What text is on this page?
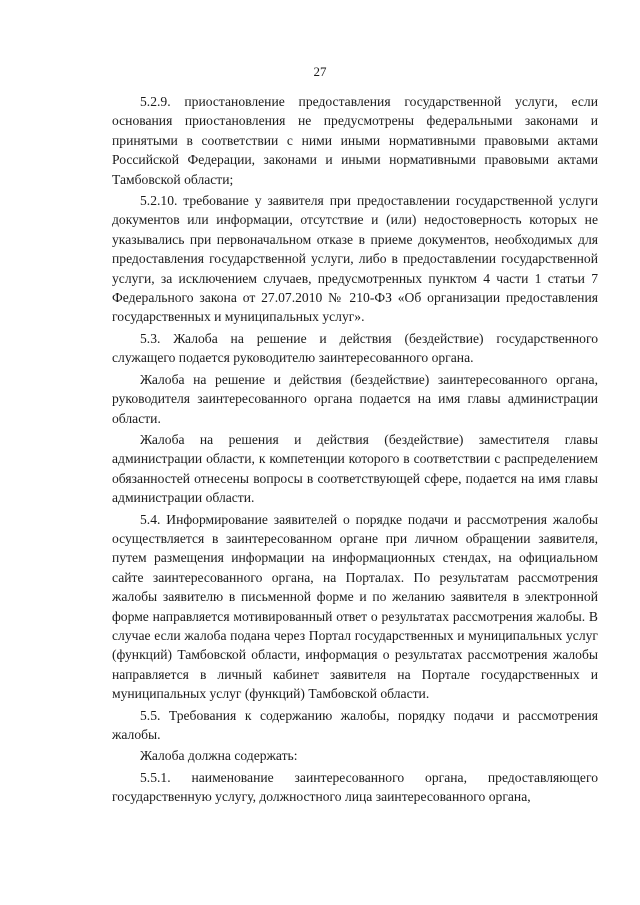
27

5.2.9. приостановление предоставления государственной услуги, если основания приостановления не предусмотрены федеральными законами и принятыми в соответствии с ними иными нормативными правовыми актами Российской Федерации, законами и иными нормативными правовыми актами Тамбовской области;

5.2.10. требование у заявителя при предоставлении государственной услуги документов или информации, отсутствие и (или) недостоверность которых не указывались при первоначальном отказе в приеме документов, необходимых для предоставления государственной услуги, либо в предоставлении государственной услуги, за исключением случаев, предусмотренных пунктом 4 части 1 статьи 7 Федерального закона от 27.07.2010 № 210-ФЗ «Об организации предоставления государственных и муниципальных услуг».

5.3. Жалоба на решение и действия (бездействие) государственного служащего подается руководителю заинтересованного органа.

Жалоба на решение и действия (бездействие) заинтересованного органа, руководителя заинтересованного органа подается на имя главы администрации области.

Жалоба на решения и действия (бездействие) заместителя главы администрации области, к компетенции которого в соответствии с распределением обязанностей отнесены вопросы в соответствующей сфере, подается на имя главы администрации области.

5.4. Информирование заявителей о порядке подачи и рассмотрения жалобы осуществляется в заинтересованном органе при личном обращении заявителя, путем размещения информации на информационных стендах, на официальном сайте заинтересованного органа, на Порталах. По результатам рассмотрения жалобы заявителю в письменной форме и по желанию заявителя в электронной форме направляется мотивированный ответ о результатах рассмотрения жалобы. В случае если жалоба подана через Портал государственных и муниципальных услуг (функций) Тамбовской области, информация о результатах рассмотрения жалобы направляется в личный кабинет заявителя на Портале государственных и муниципальных услуг (функций) Тамбовской области.

5.5. Требования к содержанию жалобы, порядку подачи и рассмотрения жалобы.

Жалоба должна содержать:

5.5.1. наименование заинтересованного органа, предоставляющего государственную услугу, должностного лица заинтересованного органа,
